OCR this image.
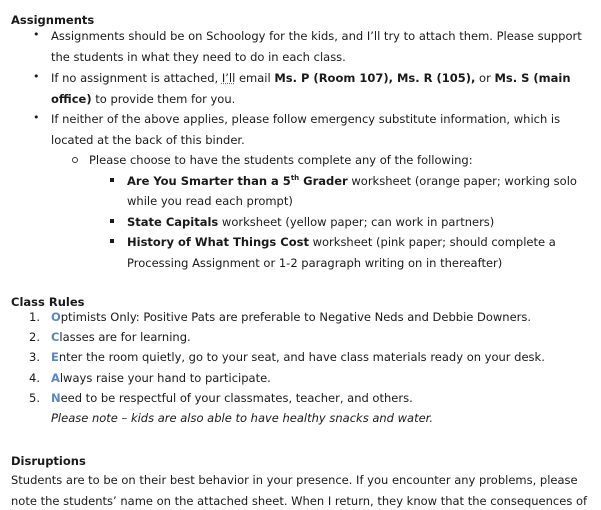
Assignments
• Assignments should be on Schoology for the kids, and I’ll try to attach them. Please support
the students in what they need to do in each class.
• If no assignment is attached, I’ll email Ms. P (Room 107), Ms. R (105), or Ms. S (main
office) to provide them for you.
• If neither of the above applies, please follow emergency substitute information, which is
located at the back of this binder.
Please choose to have the students complete any of the following:
Are You Smarter than a 5th Grader worksheet (orange paper; working solo
while you read each prompt)
State Capitals worksheet (yellow paper; can work in partners)
History of What Things Cost worksheet (pink paper; should complete a
Processing Assignment or 1-2 paragraph writing on in thereafter)
Class Rules
1. Optimists Only: Positive Pats are preferable to Negative Neds and Debbie Downers.
2. Classes are for learning.
3. Enter the room quietly, go to your seat, and have class materials ready on your desk.
4. Always raise your hand to participate.
5. Need to be respectful of your classmates, teacher, and others.
Please note – kids are also able to have healthy snacks and water.
Disruptions
Students are to be on their best behavior in your presence. If you encounter any problems, please
note the students’ name on the attached sheet. When I return, they know that the consequences of
